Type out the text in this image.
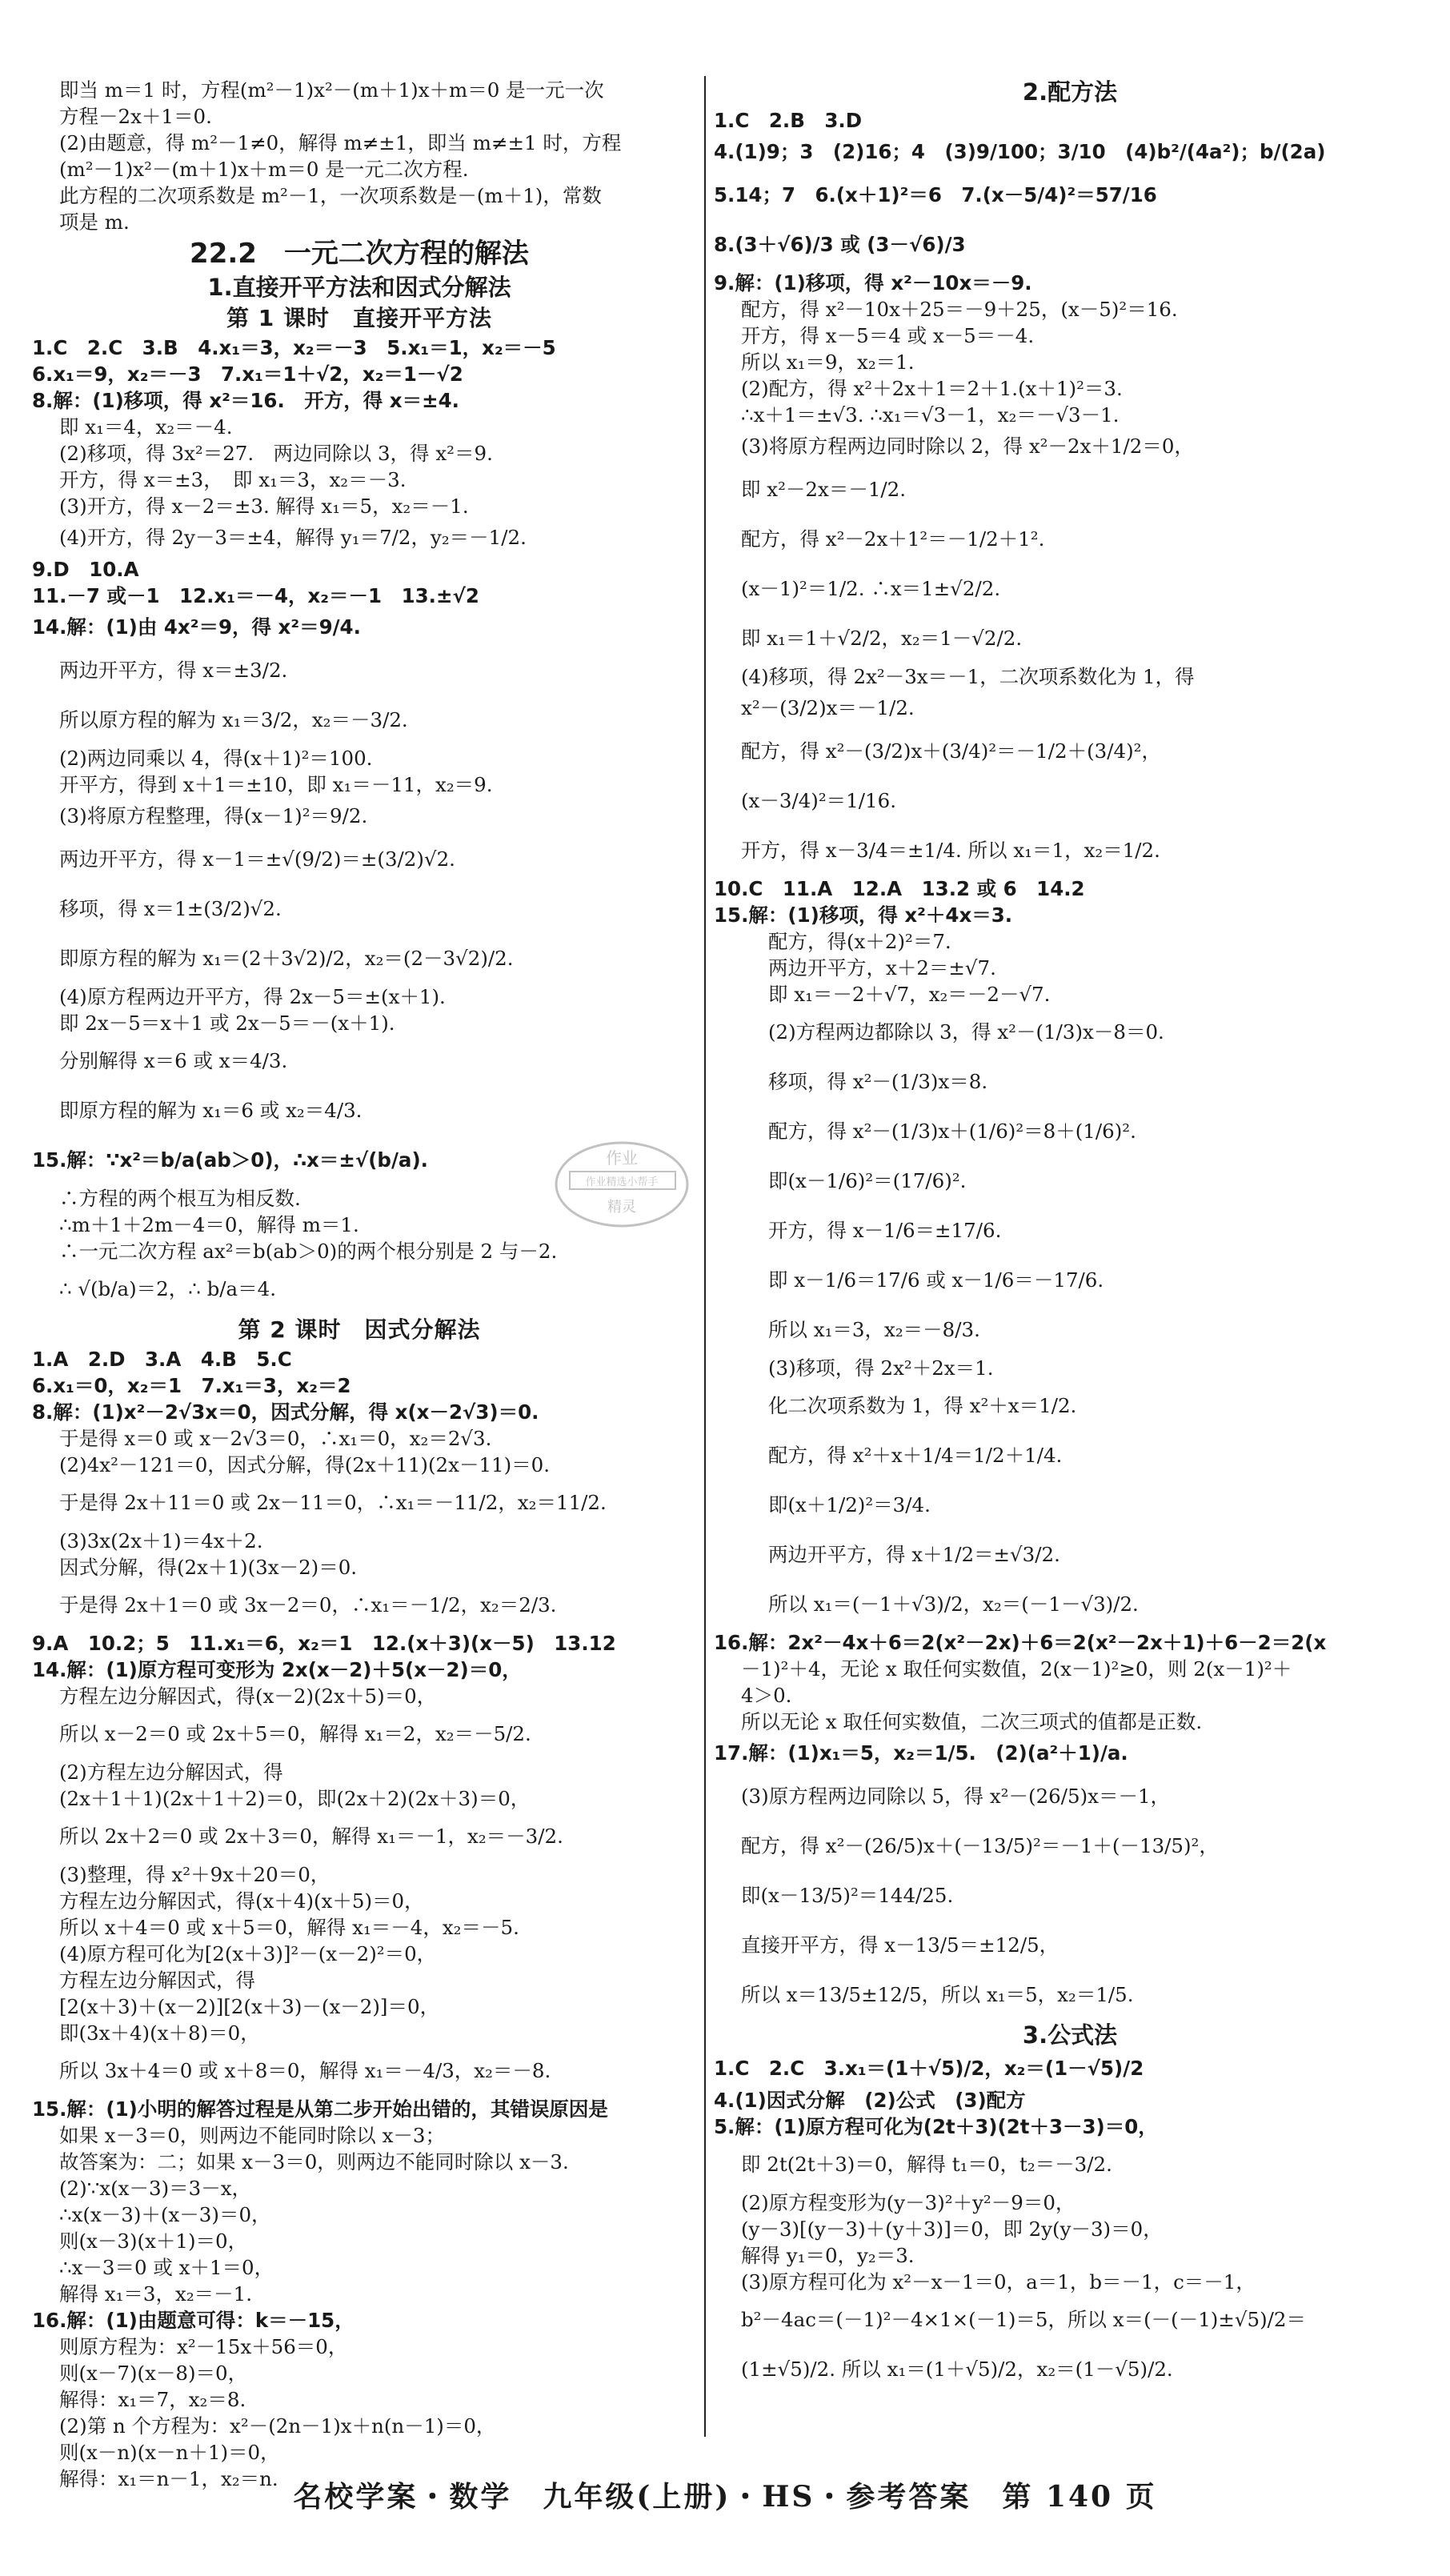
即当 m＝1 时，方程(m²－1)x²－(m＋1)x＋m＝0 是一元一次
方程－2x＋1＝0.
(2)由题意，得 m²－1≠0，解得 m≠±1，即当 m≠±1 时，方程
(m²－1)x²－(m＋1)x＋m＝0 是一元二次方程.
此方程的二次项系数是 m²－1，一次项系数是－(m＋1)，常数
项是 m.
22.2　一元二次方程的解法
1.直接开平方法和因式分解法
第 1 课时　直接开平方法
1.C　2.C　3.B　4.x₁＝3，x₂＝－3　5.x₁＝1，x₂＝－5
6.x₁＝9，x₂＝－3　7.x₁＝1＋√2，x₂＝1－√2
8.解：(1)移项，得 x²＝16.　开方，得 x＝±4.
即 x₁＝4，x₂＝－4.
(2)移项，得 3x²＝27.　两边同除以 3，得 x²＝9.
开方，得 x＝±3，　即 x₁＝3，x₂＝－3.
(3)开方，得 x－2＝±3. 解得 x₁＝5，x₂＝－1.
(4)开方，得 2y－3＝±4，解得 y₁＝7/2，y₂＝－1/2.
9.D　10.A
11.－7 或－1　12.x₁＝－4，x₂＝－1　13.±√2
14.解：(1)由 4x²＝9，得 x²＝9/4.
两边开平方，得 x＝±3/2.
所以原方程的解为 x₁＝3/2，x₂＝－3/2.
(2)两边同乘以 4，得(x＋1)²＝100.
开平方，得到 x＋1＝±10，即 x₁＝－11，x₂＝9.
(3)将原方程整理，得(x－1)²＝9/2.
两边开平方，得 x－1＝±√(9/2)＝±(3/2)√2.
移项，得 x＝1±(3/2)√2.
即原方程的解为 x₁＝(2＋3√2)/2，x₂＝(2－3√2)/2.
(4)原方程两边开平方，得 2x－5＝±(x＋1).
即 2x－5＝x＋1 或 2x－5＝－(x＋1).
分别解得 x＝6 或 x＝4/3.
即原方程的解为 x₁＝6 或 x₂＝4/3.
15.解：∵x²＝b/a(ab＞0)，∴x＝±√(b/a).
∴方程的两个根互为相反数.
∴m＋1＋2m－4＝0，解得 m＝1.
∴一元二次方程 ax²＝b(ab＞0)的两个根分别是 2 与－2.
∴ √(b/a)＝2，∴ b/a＝4.
第 2 课时　因式分解法
1.A　2.D　3.A　4.B　5.C
6.x₁＝0，x₂＝1　7.x₁＝3，x₂＝2
8.解：(1)x²－2√3x＝0，因式分解，得 x(x－2√3)＝0.
于是得 x＝0 或 x－2√3＝0，∴x₁＝0，x₂＝2√3.
(2)4x²－121＝0，因式分解，得(2x＋11)(2x－11)＝0.
于是得 2x＋11＝0 或 2x－11＝0，∴x₁＝－11/2，x₂＝11/2.
(3)3x(2x＋1)＝4x＋2.
因式分解，得(2x＋1)(3x－2)＝0.
于是得 2x＋1＝0 或 3x－2＝0，∴x₁＝－1/2，x₂＝2/3.
9.A　10.2；5　11.x₁＝6，x₂＝1　12.(x＋3)(x－5)　13.12
14.解：(1)原方程可变形为 2x(x－2)＋5(x－2)＝0，
方程左边分解因式，得(x－2)(2x＋5)＝0，
所以 x－2＝0 或 2x＋5＝0，解得 x₁＝2，x₂＝－5/2.
(2)方程左边分解因式，得
(2x＋1＋1)(2x＋1＋2)＝0，即(2x＋2)(2x＋3)＝0，
所以 2x＋2＝0 或 2x＋3＝0，解得 x₁＝－1，x₂＝－3/2.
(3)整理，得 x²＋9x＋20＝0，
方程左边分解因式，得(x＋4)(x＋5)＝0，
所以 x＋4＝0 或 x＋5＝0，解得 x₁＝－4，x₂＝－5.
(4)原方程可化为[2(x＋3)]²－(x－2)²＝0，
方程左边分解因式，得
[2(x＋3)＋(x－2)][2(x＋3)－(x－2)]＝0，
即(3x＋4)(x＋8)＝0，
所以 3x＋4＝0 或 x＋8＝0，解得 x₁＝－4/3，x₂＝－8.
15.解：(1)小明的解答过程是从第二步开始出错的，其错误原因是
如果 x－3＝0，则两边不能同时除以 x－3；
故答案为：二；如果 x－3＝0，则两边不能同时除以 x－3.
(2)∵x(x－3)＝3－x，
∴x(x－3)＋(x－3)＝0，
则(x－3)(x＋1)＝0，
∴x－3＝0 或 x＋1＝0，
解得 x₁＝3，x₂＝－1.
16.解：(1)由题意可得：k＝－15，
则原方程为：x²－15x＋56＝0，
则(x－7)(x－8)＝0，
解得：x₁＝7，x₂＝8.
(2)第 n 个方程为：x²－(2n－1)x＋n(n－1)＝0，
则(x－n)(x－n＋1)＝0，
解得：x₁＝n－1，x₂＝n.
2.配方法
1.C　2.B　3.D
4.(1)9；3　(2)16；4　(3)9/100；3/10　(4)b²/(4a²)；b/(2a)
5.14；7　6.(x＋1)²＝6　7.(x－5/4)²＝57/16
8.(3＋√6)/3 或 (3－√6)/3
9.解：(1)移项，得 x²－10x＝－9.
配方，得 x²－10x＋25＝－9＋25，(x－5)²＝16.
开方，得 x－5＝4 或 x－5＝－4.
所以 x₁＝9，x₂＝1.
(2)配方，得 x²＋2x＋1＝2＋1.(x＋1)²＝3.
∴x＋1＝±√3. ∴x₁＝√3－1，x₂＝－√3－1.
(3)将原方程两边同时除以 2，得 x²－2x＋1/2＝0，
即 x²－2x＝－1/2.
配方，得 x²－2x＋1²＝－1/2＋1².
(x－1)²＝1/2. ∴x＝1±√2/2.
即 x₁＝1＋√2/2，x₂＝1－√2/2.
(4)移项，得 2x²－3x＝－1，二次项系数化为 1，得
x²－(3/2)x＝－1/2.
配方，得 x²－(3/2)x＋(3/4)²＝－1/2＋(3/4)²，
(x－3/4)²＝1/16.
开方，得 x－3/4＝±1/4. 所以 x₁＝1，x₂＝1/2.
10.C　11.A　12.A　13.2 或 6　14.2
15.解：(1)移项，得 x²＋4x＝3.
配方，得(x＋2)²＝7.
两边开平方，x＋2＝±√7.
即 x₁＝－2＋√7，x₂＝－2－√7.
(2)方程两边都除以 3，得 x²－(1/3)x－8＝0.
移项，得 x²－(1/3)x＝8.
配方，得 x²－(1/3)x＋(1/6)²＝8＋(1/6)².
即(x－1/6)²＝(17/6)².
开方，得 x－1/6＝±17/6.
即 x－1/6＝17/6 或 x－1/6＝－17/6.
所以 x₁＝3，x₂＝－8/3.
(3)移项，得 2x²＋2x＝1.
化二次项系数为 1，得 x²＋x＝1/2.
配方，得 x²＋x＋1/4＝1/2＋1/4.
即(x＋1/2)²＝3/4.
两边开平方，得 x＋1/2＝±√3/2.
所以 x₁＝(－1＋√3)/2，x₂＝(－1－√3)/2.
16.解：2x²－4x＋6＝2(x²－2x)＋6＝2(x²－2x＋1)＋6－2＝2(x
－1)²＋4，无论 x 取任何实数值，2(x－1)²≥0，则 2(x－1)²＋
4＞0.
所以无论 x 取任何实数值，二次三项式的值都是正数.
17.解：(1)x₁＝5，x₂＝1/5.　(2)(a²＋1)/a.
(3)原方程两边同除以 5，得 x²－(26/5)x＝－1，
配方，得 x²－(26/5)x＋(－13/5)²＝－1＋(－13/5)²，
即(x－13/5)²＝144/25.
直接开平方，得 x－13/5＝±12/5，
所以 x＝13/5±12/5，所以 x₁＝5，x₂＝1/5.
3.公式法
1.C　2.C　3.x₁＝(1＋√5)/2，x₂＝(1－√5)/2
4.(1)因式分解　(2)公式　(3)配方
5.解：(1)原方程可化为(2t＋3)(2t＋3－3)＝0，
即 2t(2t＋3)＝0，解得 t₁＝0，t₂＝－3/2.
(2)原方程变形为(y－3)²＋y²－9＝0，
(y－3)[(y－3)＋(y＋3)]＝0，即 2y(y－3)＝0，
解得 y₁＝0，y₂＝3.
(3)原方程可化为 x²－x－1＝0，a＝1，b＝－1，c＝－1，
b²－4ac＝(－1)²－4×1×(－1)＝5，所以 x＝(－(－1)±√5)/2＝
(1±√5)/2. 所以 x₁＝(1＋√5)/2，x₂＝(1－√5)/2.
作业
作业精选小帮手
精灵
名校学案・数学　九年级(上册)・HS・参考答案　第 140 页
